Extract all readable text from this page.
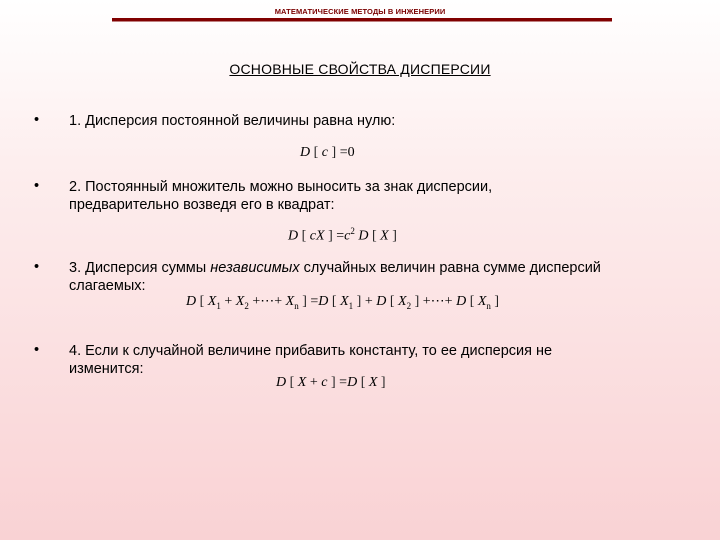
МАТЕМАТИЧЕСКИЕ МЕТОДЫ В ИНЖЕНЕРИИ
ОСНОВНЫЕ СВОЙСТВА ДИСПЕРСИИ
• 1. Дисперсия постоянной величины равна нулю:
D [ c ] =0
• 2. Постоянный множитель можно выносить за знак дисперсии,
предварительно возведя его в квадрат:
D [ cX ] $=c^2$ D [ X ]
• 3. Дисперсия суммы независимых случайных величин равна сумме дисперсий
слагаемых:
D [ $X_1 + X_2$ +⋯+ $X_n$ ] =D [ $X_1$ ] + D [ $X_2$ ] +⋯+ D [ $X_n$ ]
• 4. Если к случайной величине прибавить константу, то ее дисперсия не
изменится:
D [ X + c ] =D [ X ]
